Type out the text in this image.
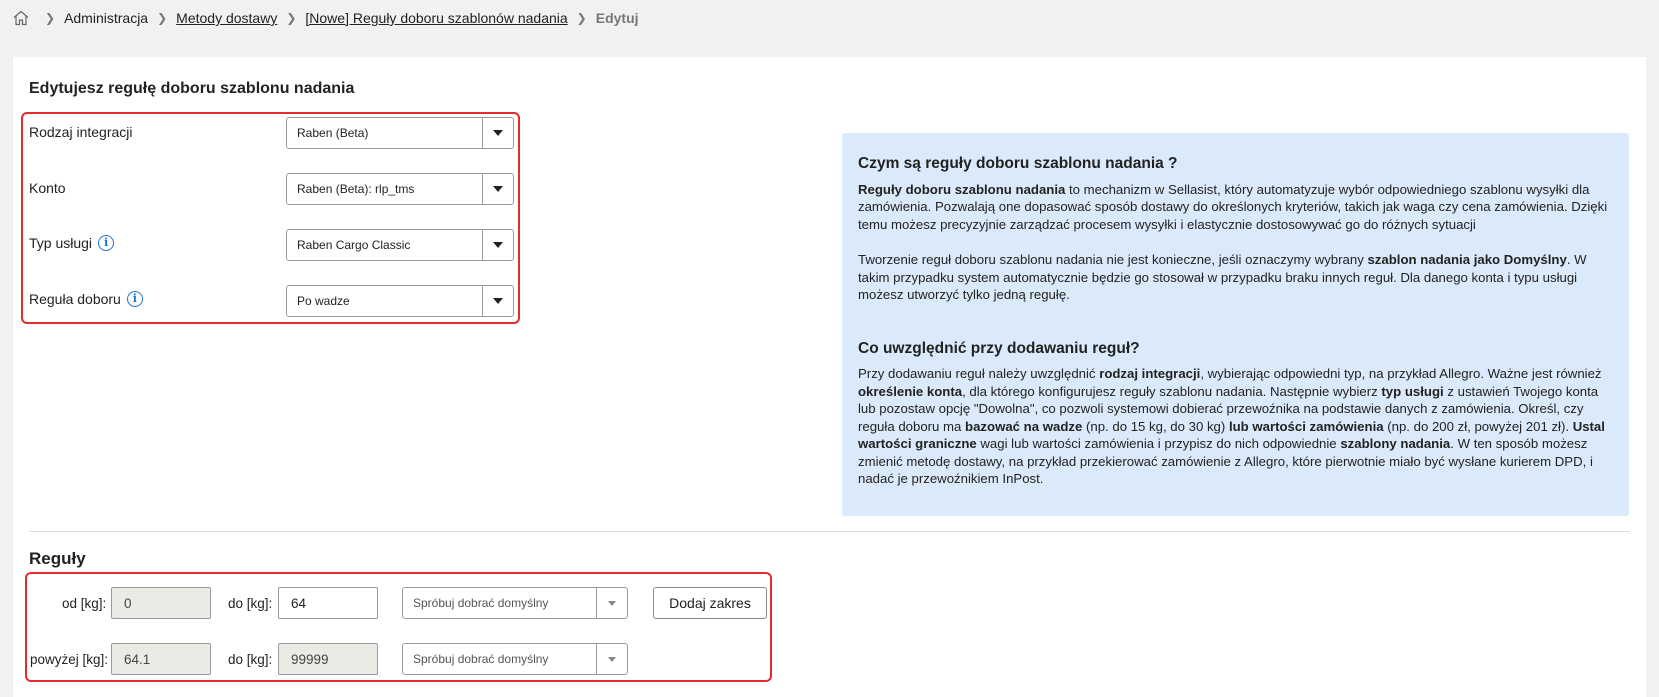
❯ Administracja ❯ Metody dostawy ❯ [Nowe] Reguły doboru szablonów nadania ❯ Edytuj
Edytujesz regułę doboru szablonu nadania
Rodzaj integracji	Raben (Beta)
Konto	Raben (Beta): rlp_tms
Typ usługi	i	Raben Cargo Classic
Reguła doboru	i	Po wadze
Czym są reguły doboru szablonu nadania ?

Reguły doboru szablonu nadania to mechanizm w Sellasist, który automatyzuje wybór odpowiedniego szablonu wysyłki dla zamówienia. Pozwalają one dopasować sposób dostawy do określonych kryteriów, takich jak waga czy cena zamówienia. Dzięki temu możesz precyzyjnie zarządzać procesem wysyłki i elastycznie dostosowywać go do różnych sytuacji

Tworzenie reguł doboru szablonu nadania nie jest konieczne, jeśli oznaczymy wybrany szablon nadania jako Domyślny. W takim przypadku system automatycznie będzie go stosował w przypadku braku innych reguł. Dla danego konta i typu usługi możesz utworzyć tylko jedną regułę.

Co uwzględnić przy dodawaniu reguł?

Przy dodawaniu reguł należy uwzględnić rodzaj integracji, wybierając odpowiedni typ, na przykład Allegro. Ważne jest również określenie konta, dla którego konfigurujesz reguły szablonu nadania. Następnie wybierz typ usługi z ustawień Twojego konta lub pozostaw opcję "Dowolna", co pozwoli systemowi dobierać przewoźnika na podstawie danych z zamówienia. Określ, czy reguła doboru ma bazować na wadze (np. do 15 kg, do 30 kg) lub wartości zamówienia (np. do 200 zł, powyżej 201 zł). Ustal wartości graniczne wagi lub wartości zamówienia i przypisz do nich odpowiednie szablony nadania. W ten sposób możesz zmienić metodę dostawy, na przykład przekierować zamówienie z Allegro, które pierwotnie miało być wysłane kurierem DPD, i nadać je przewoźnikiem InPost.

Reguły
od [kg]:	0	do [kg]:	64	Spróbuj dobrać domyślny	Dodaj zakres
powyżej [kg]:	64.1	do [kg]:	99999	Spróbuj dobrać domyślny
